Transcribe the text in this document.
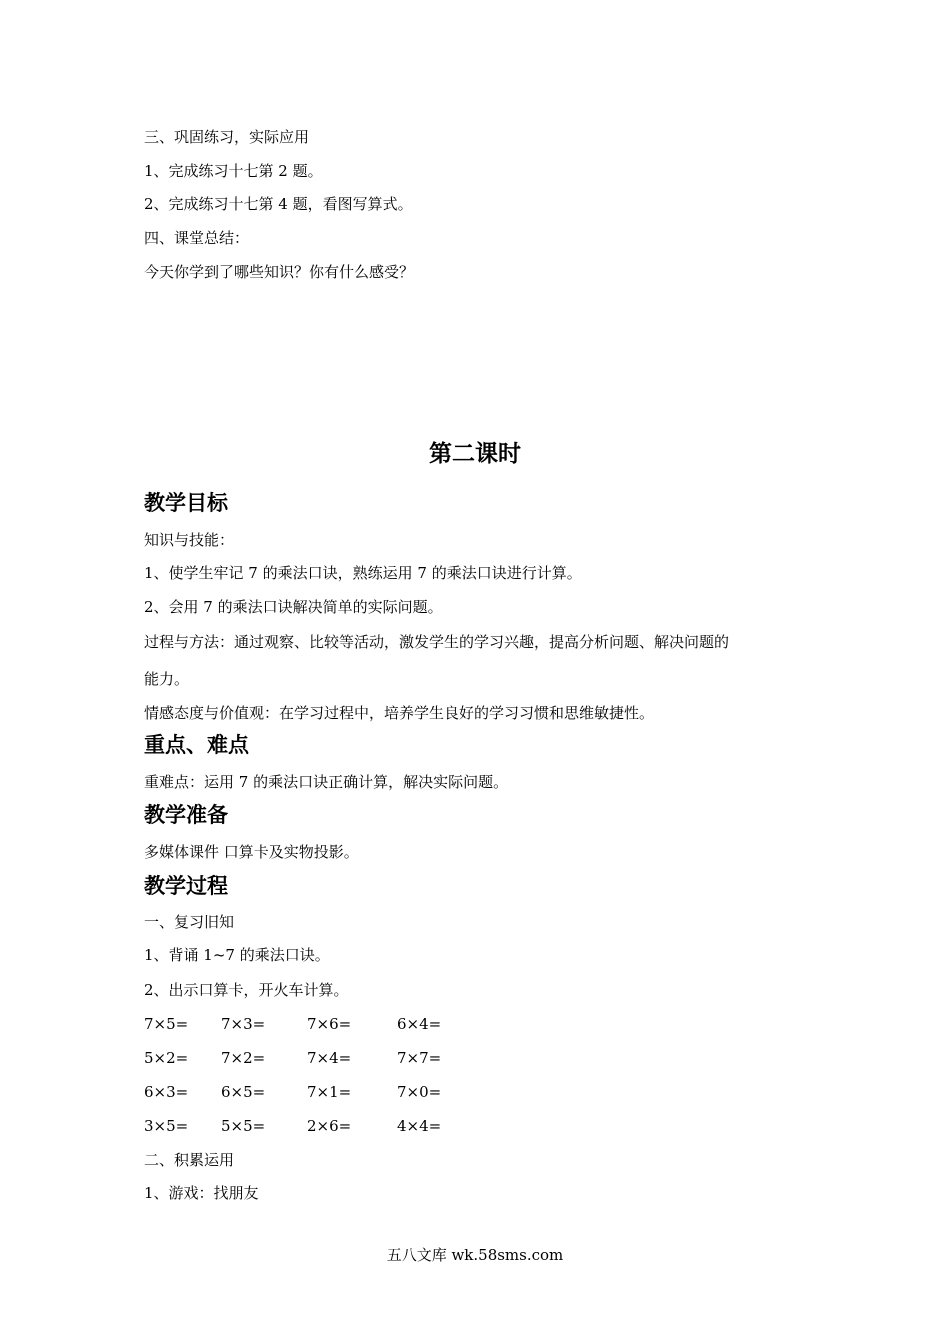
三、巩固练习，实际应用
1、完成练习十七第 2 题。
2、完成练习十七第 4 题，看图写算式。
四、课堂总结：
今天你学到了哪些知识？你有什么感受？
第二课时
教学目标
知识与技能：
1、使学生牢记 7 的乘法口诀，熟练运用 7 的乘法口诀进行计算。
2、会用 7 的乘法口诀解决简单的实际问题。
过程与方法：通过观察、比较等活动，激发学生的学习兴趣，提高分析问题、解决问题的
能力。
情感态度与价值观：在学习过程中，培养学生良好的学习习惯和思维敏捷性。
重点、难点
重难点：运用 7 的乘法口诀正确计算，解决实际问题。
教学准备
多媒体课件 口算卡及实物投影。
教学过程
一、复习旧知
1、背诵 1~7 的乘法口诀。
2、出示口算卡，开火车计算。
7×5= 7×3=	7×6=	6×4=
5×2= 7×2=	7×4=	7×7=
6×3= 6×5=	7×1=	7×0=
3×5= 5×5=	2×6=	4×4=
二、积累运用
1、游戏：找朋友
五八文库 wk.58sms.com
